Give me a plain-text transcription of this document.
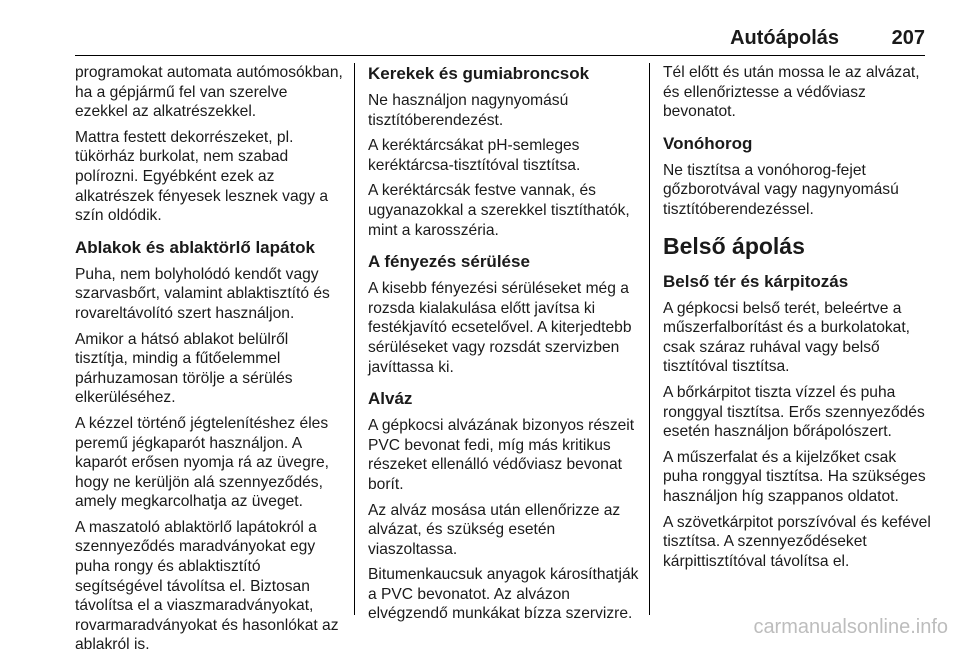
Autóápolás	207

programokat automata autómosókban, ha a gépjármű fel van szerelve ezekkel az alkatrészekkel.

Mattra festett dekorrészeket, pl. tükörház burkolat, nem szabad polírozni. Egyébként ezek az alkatrészek fényesek lesznek vagy a szín oldódik.

Ablakok és ablaktörlő lapátok

Puha, nem bolyholódó kendőt vagy szarvasbőrt, valamint ablaktisztító és rovareltávolító szert használjon.

Amikor a hátsó ablakot belülről tisztítja, mindig a fűtőelemmel párhuzamosan törölje a sérülés elkerüléséhez.

A kézzel történő jégtelenítéshez éles peremű jégkaparót használjon. A kaparót erősen nyomja rá az üvegre, hogy ne kerüljön alá szennyeződés, amely megkarcolhatja az üveget.

A maszatoló ablaktörlő lapátokról a szennyeződés maradványokat egy puha rongy és ablaktisztító segítségével távolítsa el. Biztosan távolítsa el a viaszmaradványokat, rovarmaradványokat és hasonlókat az ablakról is.

Kerekek és gumiabroncsok

Ne használjon nagynyomású tisztítóberendezést.

A keréktárcsákat pH-semleges keréktárcsa-tisztítóval tisztítsa.

A keréktárcsák festve vannak, és ugyanazokkal a szerekkel tisztíthatók, mint a karosszéria.

A fényezés sérülése

A kisebb fényezési sérüléseket még a rozsda kialakulása előtt javítsa ki festékjavító ecsetelővel. A kiterjedtebb sérüléseket vagy rozsdát szervizben javíttassa ki.

Alváz

A gépkocsi alvázának bizonyos részeit PVC bevonat fedi, míg más kritikus részeket ellenálló védőviasz bevonat borít.

Az alváz mosása után ellenőrizze az alvázat, és szükség esetén viaszoltassa.

Bitumenkaucsuk anyagok károsíthatják a PVC bevonatot. Az alvázon elvégzendő munkákat bízza szervizre.

Tél előtt és után mossa le az alvázat, és ellenőriztesse a védőviasz bevonatot.

Vonóhorog

Ne tisztítsa a vonóhorog-fejet gőzborotvával vagy nagynyomású tisztítóberendezéssel.

Belső ápolás
Belső tér és kárpitozás

A gépkocsi belső terét, beleértve a műszerfalborítást és a burkolatokat, csak száraz ruhával vagy belső tisztítóval tisztítsa.

A bőrkárpitot tiszta vízzel és puha ronggyal tisztítsa. Erős szennyeződés esetén használjon bőrápolószert.

A műszerfalat és a kijelzőket csak puha ronggyal tisztítsa. Ha szükséges használjon híg szappanos oldatot.

A szövetkárpitot porszívóval és kefével tisztítsa. A szennyeződéseket kárpittisztítóval távolítsa el.

carmanualsonline.info
